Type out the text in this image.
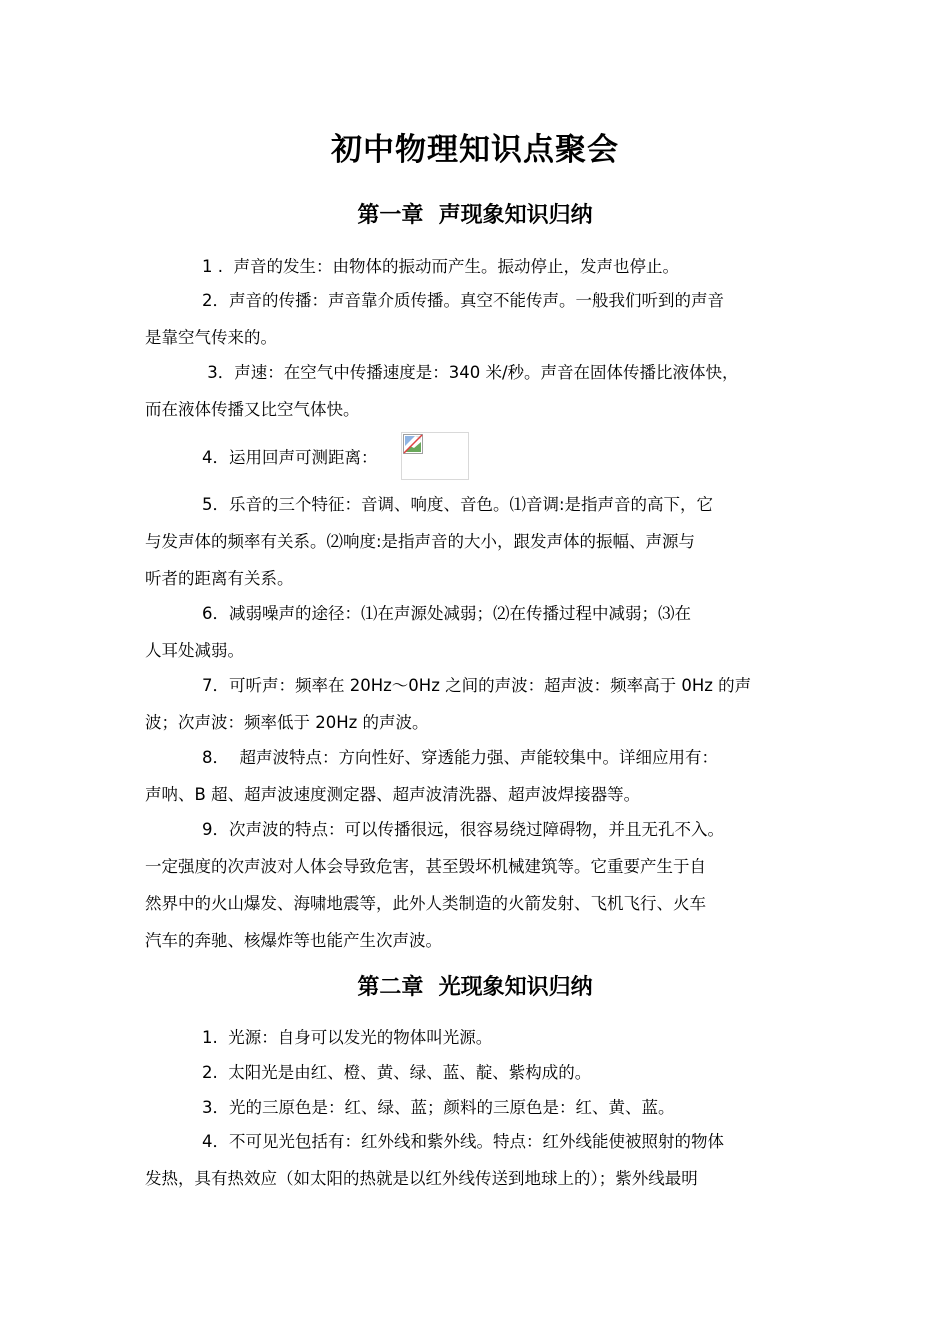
初中物理知识点聚会
第一章  声现象知识归纳
1 .  声音的发生：由物体的振动而产生。振动停止，发声也停止。
2．声音的传播：声音靠介质传播。真空不能传声。一般我们听到的声音
是靠空气传来的。
3．声速：在空气中传播速度是：340 米/秒。声音在固体传播比液体快，
而在液体传播又比空气体快。
4．运用回声可测距离：
5．乐音的三个特征：音调、响度、音色。⑴音调:是指声音的高下，它
与发声体的频率有关系。⑵响度:是指声音的大小，跟发声体的振幅、声源与
听者的距离有关系。
6．减弱噪声的途径：⑴在声源处减弱；⑵在传播过程中减弱；⑶在
人耳处减弱。
7．可听声：频率在 20Hz～0Hz 之间的声波：超声波：频率高于 0Hz 的声
波；次声波：频率低于 20Hz 的声波。
8．  超声波特点：方向性好、穿透能力强、声能较集中。详细应用有：
声呐、B 超、超声波速度测定器、超声波清洗器、超声波焊接器等。
9．次声波的特点：可以传播很远，很容易绕过障碍物，并且无孔不入。
一定强度的次声波对人体会导致危害，甚至毁坏机械建筑等。它重要产生于自
然界中的火山爆发、海啸地震等，此外人类制造的火箭发射、飞机飞行、火车
汽车的奔驰、核爆炸等也能产生次声波。
第二章  光现象知识归纳
1.  光源：自身可以发光的物体叫光源。
2.  太阳光是由红、橙、黄、绿、蓝、靛、紫构成的。
3．光的三原色是：红、绿、蓝；颜料的三原色是：红、黄、蓝。
4．不可见光包括有：红外线和紫外线。特点：红外线能使被照射的物体
发热，具有热效应（如太阳的热就是以红外线传送到地球上的）；紫外线最明
